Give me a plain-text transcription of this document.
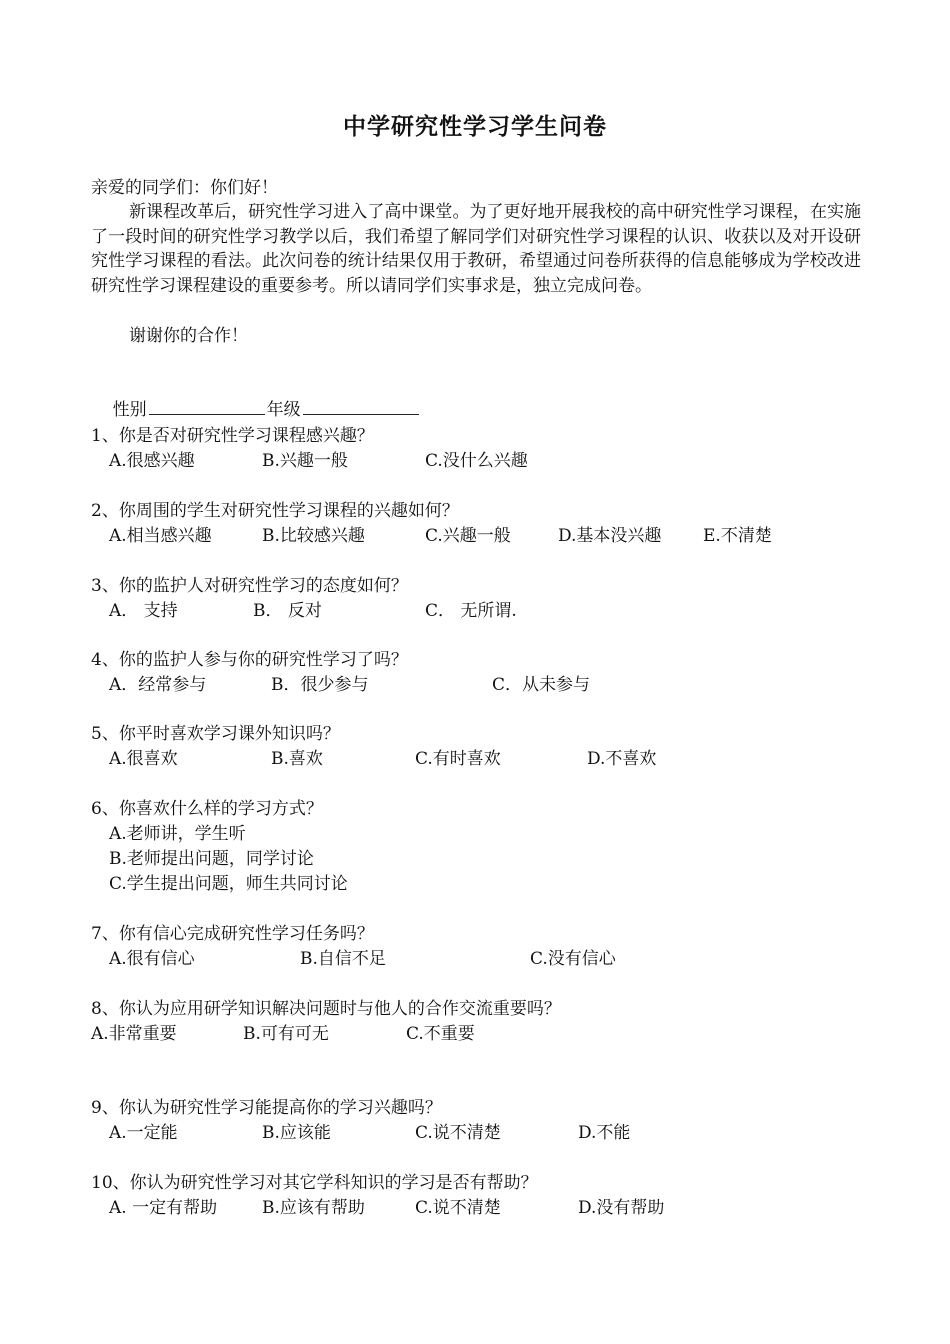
中学研究性学习学生问卷
亲爱的同学们：你们好！
新课程改革后，研究性学习进入了高中课堂。为了更好地开展我校的高中研究性学习课程，在实施了一段时间的研究性学习教学以后，我们希望了解同学们对研究性学习课程的认识、收获以及对开设研究性学习课程的看法。此次问卷的统计结果仅用于教研，希望通过问卷所获得的信息能够成为学校改进研究性学习课程建设的重要参考。所以请同学们实事求是，独立完成问卷。
谢谢你的合作！

性别	年级

1、你是否对研究性学习课程感兴趣？
A.很感兴趣	B.兴趣一般	C.没什么兴趣
2、你周围的学生对研究性学习课程的兴趣如何？
A.相当感兴趣	B.比较感兴趣	C.兴趣一般	D.基本没兴趣 E.不清楚
3、你的监护人对研究性学习的态度如何？
A． 支持	B． 反对	C． 无所谓.
4、你的监护人参与你的研究性学习了吗？
A．经常参与	B．很少参与	C．从未参与
5、你平时喜欢学习课外知识吗？
A.很喜欢	B.喜欢	C.有时喜欢	D.不喜欢
6、你喜欢什么样的学习方式？
A.老师讲，学生听
B.老师提出问题，同学讨论
C.学生提出问题，师生共同讨论
7、你有信心完成研究性学习任务吗？
A.很有信心	B.自信不足	C.没有信心
8、你认为应用研学知识解决问题时与他人的合作交流重要吗？
A.非常重要	B.可有可无	C.不重要
9、你认为研究性学习能提高你的学习兴趣吗？
A.一定能	B.应该能	C.说不清楚	D.不能
10、你认为研究性学习对其它学科知识的学习是否有帮助？
A. 一定有帮助	B.应该有帮助	C.说不清楚	D.没有帮助
